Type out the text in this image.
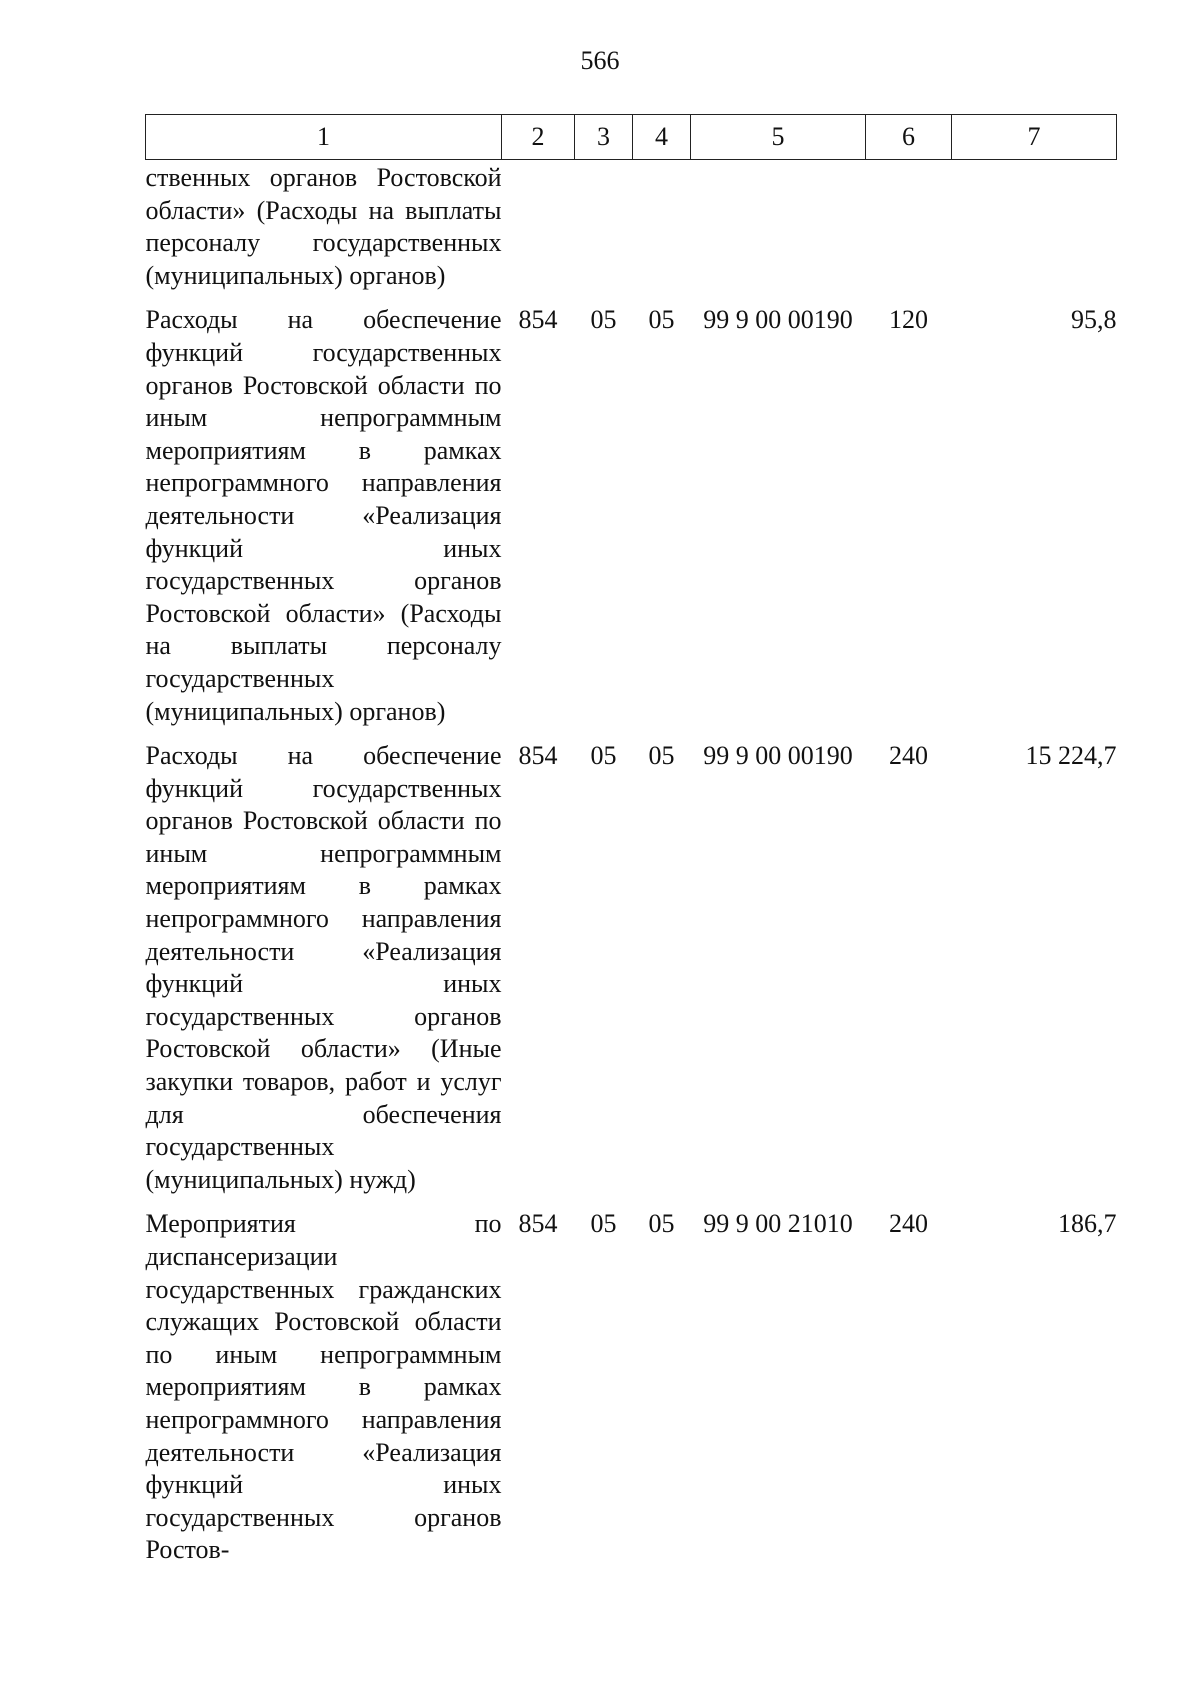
566
1	2	3	4	5	6	7

ственных органов Ростовской области» (Расходы на выплаты персоналу государственных (муниципальных) органов)						

Расходы на обеспечение функций государственных органов Ростовской области по иным непрограммным мероприятиям в рамках непрограммного направления деятельности «Реализация функций иных государственных органов Ростовской области» (Расходы на выплаты персоналу государственных (муниципальных) органов)	854	05	05	99 9 00 00190	120	95,8
Расходы на обеспечение функций государственных органов Ростовской области по иным непрограммным мероприятиям в рамках непрограммного направления деятельности «Реализация функций иных государственных органов Ростовской области» (Иные закупки товаров, работ и услуг для обеспечения государственных (муниципальных) нужд)	854	05	05	99 9 00 00190	240	15 224,7
Мероприятия по диспансеризации государственных гражданских служащих Ростовской области по иным непрограммным мероприятиям в рамках непрограммного направления деятельности «Реализация функций иных государственных органов Ростов-	854	05	05	99 9 00 21010	240	186,7
